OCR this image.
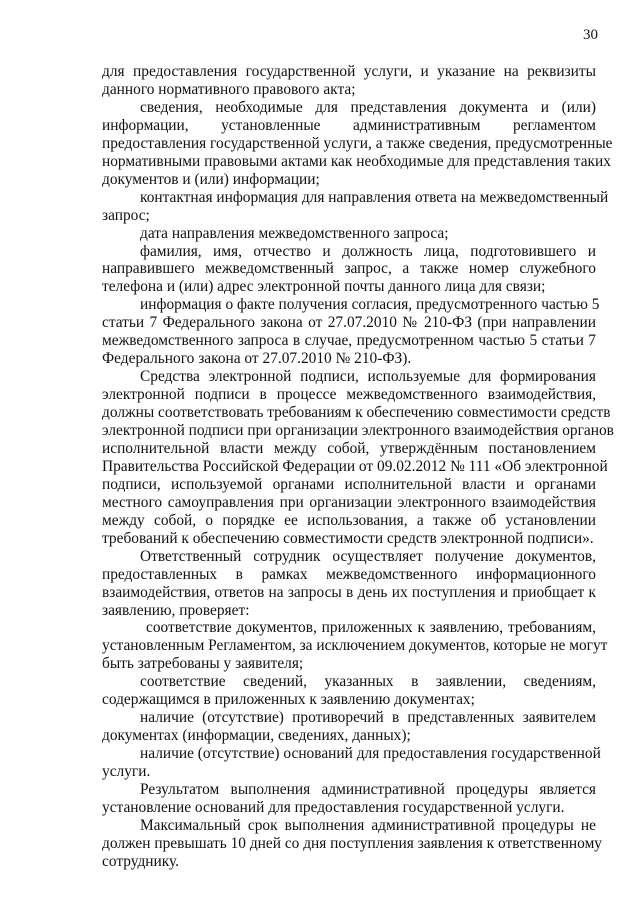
30
для предоставления государственной услуги, и указание на реквизиты
данного нормативного правового акта;
сведения, необходимые для представления документа и (или)
информации, установленные административным регламентом
предоставления государственной услуги, а также сведения, предусмотренные
нормативными правовыми актами как необходимые для представления таких
документов и (или) информации;
контактная информация для направления ответа на межведомственный
запрос;
дата направления межведомственного запроса;
фамилия, имя, отчество и должность лица, подготовившего и
направившего межведомственный запрос, а также номер служебного
телефона и (или) адрес электронной почты данного лица для связи;
информация о факте получения согласия, предусмотренного частью 5
статьи 7 Федерального закона от 27.07.2010 № 210-ФЗ (при направлении
межведомственного запроса в случае, предусмотренном частью 5 статьи 7
Федерального закона от 27.07.2010 № 210-ФЗ).
Средства электронной подписи, используемые для формирования
электронной подписи в процессе межведомственного взаимодействия,
должны соответствовать требованиям к обеспечению совместимости средств
электронной подписи при организации электронного взаимодействия органов
исполнительной власти между собой, утверждённым постановлением
Правительства Российской Федерации от 09.02.2012 № 111 «Об электронной
подписи, используемой органами исполнительной власти и органами
местного самоуправления при организации электронного взаимодействия
между собой, о порядке ее использования, а также об установлении
требований к обеспечению совместимости средств электронной подписи».
Ответственный сотрудник осуществляет получение документов,
предоставленных в рамках межведомственного информационного
взаимодействия, ответов на запросы в день их поступления и приобщает к
заявлению, проверяет:
соответствие документов, приложенных к заявлению, требованиям,
установленным Регламентом, за исключением документов, которые не могут
быть затребованы у заявителя;
соответствие сведений, указанных в заявлении, сведениям,
содержащимся в приложенных к заявлению документах;
наличие (отсутствие) противоречий в представленных заявителем
документах (информации, сведениях, данных);
наличие (отсутствие) оснований для предоставления государственной
услуги.
Результатом выполнения административной процедуры является
установление оснований для предоставления государственной услуги.
Максимальный срок выполнения административной процедуры не
должен превышать 10 дней со дня поступления заявления к ответственному
сотруднику.
